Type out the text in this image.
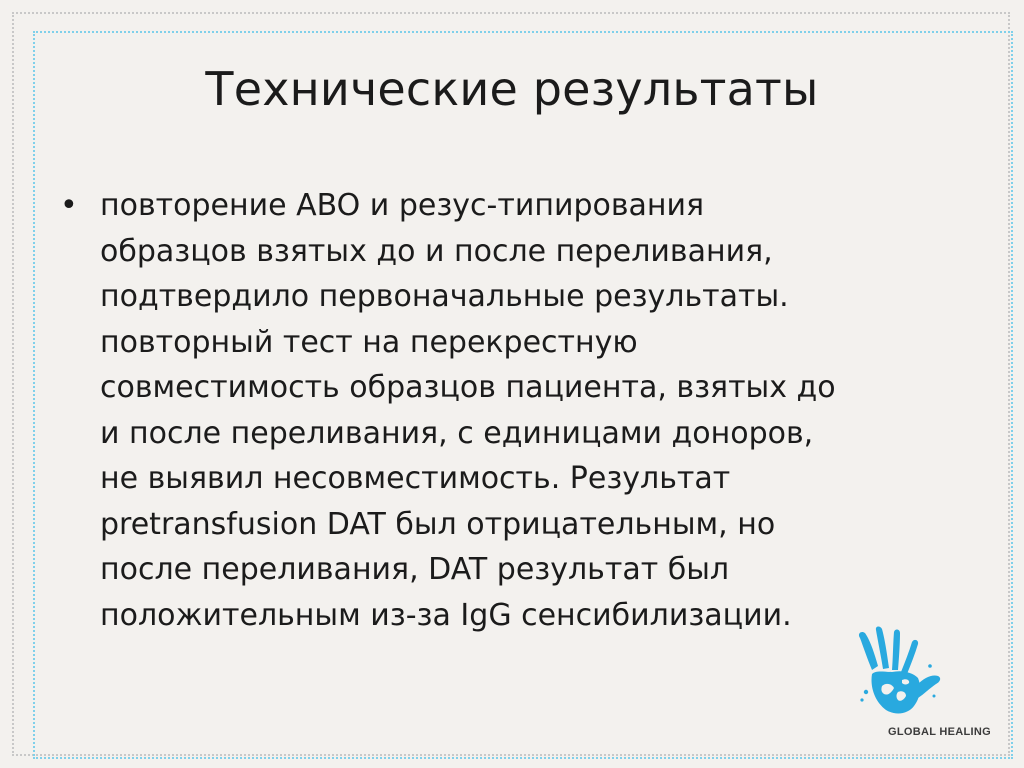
Технические результаты
• повторение ABO и резус-типирования
образцов взятых до и после переливания,
подтвердило первоначальные результаты.
повторный тест на перекрестную
совместимость образцов пациента, взятых до
и после переливания, с единицами доноров,
не выявил несовместимость. Результат
pretransfusion DAT был отрицательным, но
после переливания, DAT результат был
положительным из-за IgG сенсибилизации.
GLOBAL HEALING
